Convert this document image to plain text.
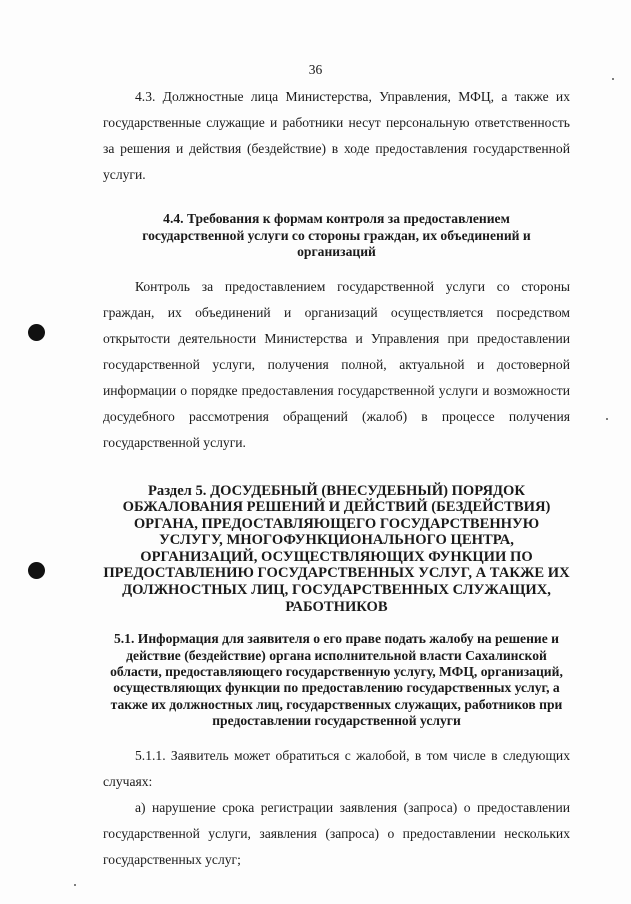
36

4.3. Должностные лица Министерства, Управления, МФЦ, а также их государственные служащие и работники несут персональную ответственность за решения и действия (бездействие) в ходе предоставления государственной услуги.

4.4. Требования к формам контроля за предоставлением государственной услуги со стороны граждан, их объединений и организаций

Контроль за предоставлением государственной услуги со стороны граждан, их объединений и организаций осуществляется посредством открытости деятельности Министерства и Управления при предоставлении государственной услуги, получения полной, актуальной и достоверной информации о порядке предоставления государственной услуги и возможности досудебного рассмотрения обращений (жалоб) в процессе получения государственной услуги.

Раздел 5. ДОСУДЕБНЫЙ (ВНЕСУДЕБНЫЙ) ПОРЯДОК ОБЖАЛОВАНИЯ РЕШЕНИЙ И ДЕЙСТВИЙ (БЕЗДЕЙСТВИЯ) ОРГАНА, ПРЕДОСТАВЛЯЮЩЕГО ГОСУДАРСТВЕННУЮ УСЛУГУ, МНОГОФУНКЦИОНАЛЬНОГО ЦЕНТРА, ОРГАНИЗАЦИЙ, ОСУЩЕСТВЛЯЮЩИХ ФУНКЦИИ ПО ПРЕДОСТАВЛЕНИЮ ГОСУДАРСТВЕННЫХ УСЛУГ, А ТАКЖЕ ИХ ДОЛЖНОСТНЫХ ЛИЦ, ГОСУДАРСТВЕННЫХ СЛУЖАЩИХ, РАБОТНИКОВ

5.1. Информация для заявителя о его праве подать жалобу на решение и действие (бездействие) органа исполнительной власти Сахалинской области, предоставляющего государственную услугу, МФЦ, организаций, осуществляющих функции по предоставлению государственных услуг, а также их должностных лиц, государственных служащих, работников при предоставлении государственной услуги

5.1.1. Заявитель может обратиться с жалобой, в том числе в следующих случаях:

а) нарушение срока регистрации заявления (запроса) о предоставлении государственной услуги, заявления (запроса) о предоставлении нескольких государственных услуг;
